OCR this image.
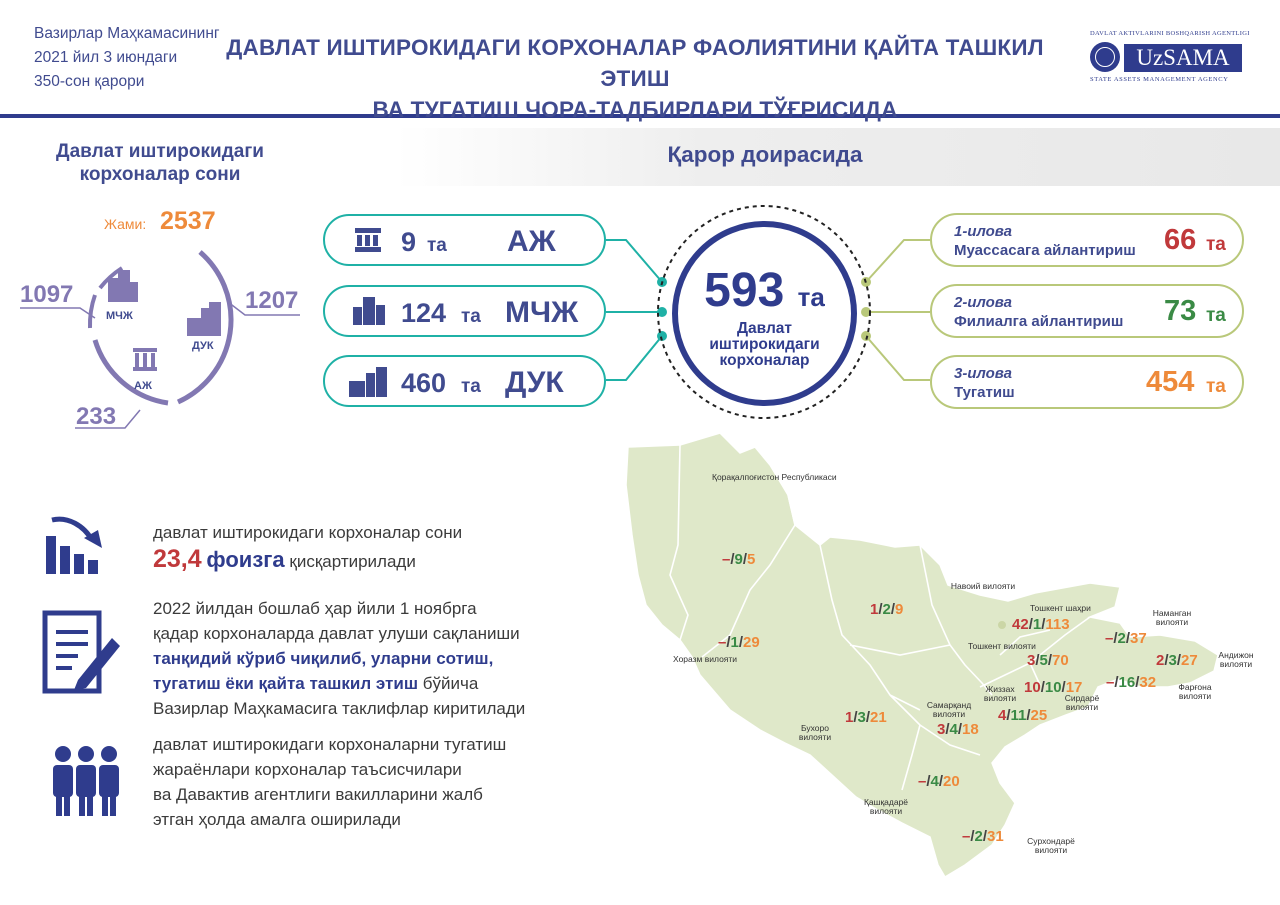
Вазирлар Маҳкамасининг
2021 йил 3 июндаги
350-сон қарори
ДАВЛАТ ИШТИРОКИДАГИ КОРХОНАЛАР ФАОЛИЯТИНИ ҚАЙТА ТАШКИЛ ЭТИШ
ВА ТУГАТИШ ЧОРА-ТАДБИРЛАРИ ТЎҒРИСИДА
DAVLAT AKTIVLARINI BOSHQARISH AGENTLIGI
UzSAMA
STATE ASSETS MANAGEMENT AGENCY
Қарор доирасида
Давлат иштирокидаги
корхоналар сони
Жами: 2537
1097	1207
233
МЧЖ
ДУК
АЖ
9 та АЖ
124 та МЧЖ
460 та ДУК
593 та
Давлат
иштирокидаги
корхоналар
1-илова
Муассасага айлантириш 66 та
2-илова
Филиалга айлантириш 73 та
3-илова
Тугатиш	454 та
давлат иштирокидаги корхоналар сони
23,4 фоизга қисқартирилади
2022 йилдан бошлаб ҳар йили 1 ноябрга
қадар корхоналарда давлат улуши сақланиши
танқидий кўриб чиқилиб, уларни сотиш,
тугатиш ёки қайта ташкил этиш бўйича
Вазирлар Маҳкамасига таклифлар киритилади
давлат иштирокидаги корхоналарни тугатиш
жараёнлари корхоналар таъсисчилари
ва Давактив агентлиги вакилларини жалб
этган ҳолда амалга оширилади
Қорақалпоғистон Республикаси
Навоий вилояти
Хоразм вилояти
Бухоро вилояти
Самарқанд вилояти
Қашқадарё вилояти
Сурхондарё вилояти
Жиззах вилояти	Сирдарё вилояти
Тошкент вилояти
Тошкент шаҳри	Наманган вилояти
Андижон вилояти
Фарғона вилояти
–/9/5
1/2/9
–/1/29
1/3/21
3/4/18
–/4/20
–/2/31
4/11/25
10/10/17
3/5/70
42/1/113
–/2/37
2/3/27
–/16/32
